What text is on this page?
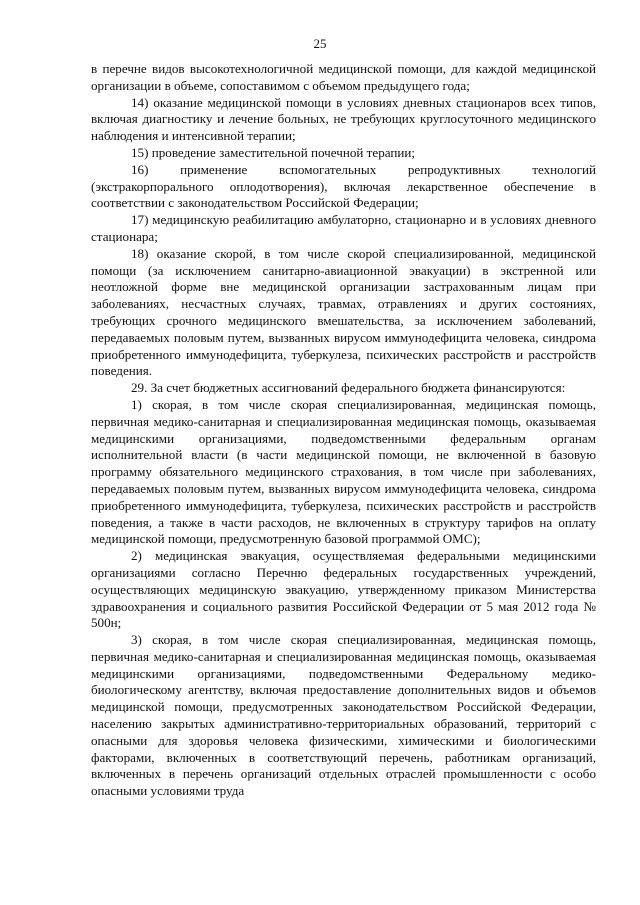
25

в перечне видов высокотехнологичной медицинской помощи, для каждой медицинской организации в объеме, сопоставимом с объемом предыдущего года;

14) оказание медицинской помощи в условиях дневных стационаров всех типов, включая диагностику и лечение больных, не требующих круглосуточного медицинского наблюдения и интенсивной терапии;

15) проведение заместительной почечной терапии;

16) применение вспомогательных репродуктивных технологий (экстракорпорального оплодотворения), включая лекарственное обеспечение в соответствии с законодательством Российской Федерации;

17) медицинскую реабилитацию амбулаторно, стационарно и в условиях дневного стационара;

18) оказание скорой, в том числе скорой специализированной, медицинской помощи (за исключением санитарно-авиационной эвакуации) в экстренной или неотложной форме вне медицинской организации застрахованным лицам при заболеваниях, несчастных случаях, травмах, отравлениях и других состояниях, требующих срочного медицинского вмешательства, за исключением заболеваний, передаваемых половым путем, вызванных вирусом иммунодефицита человека, синдрома приобретенного иммунодефицита, туберкулеза, психических расстройств и расстройств поведения.

29. За счет бюджетных ассигнований федерального бюджета финансируются:

1) скорая, в том числе скорая специализированная, медицинская помощь, первичная медико-санитарная и специализированная медицинская помощь, оказываемая медицинскими организациями, подведомственными федеральным органам исполнительной власти (в части медицинской помощи, не включенной в базовую программу обязательного медицинского страхования, в том числе при заболеваниях, передаваемых половым путем, вызванных вирусом иммунодефицита человека, синдрома приобретенного иммунодефицита, туберкулеза, психических расстройств и расстройств поведения, а также в части расходов, не включенных в структуру тарифов на оплату медицинской помощи, предусмотренную базовой программой ОМС);

2) медицинская эвакуация, осуществляемая федеральными медицинскими организациями согласно Перечню федеральных государственных учреждений, осуществляющих медицинскую эвакуацию, утвержденному приказом Министерства здравоохранения и социального развития Российской Федерации от 5 мая 2012 года № 500н;

3) скорая, в том числе скорая специализированная, медицинская помощь, первичная медико-санитарная и специализированная медицинская помощь, оказываемая медицинскими организациями, подведомственными Федеральному медико-биологическому агентству, включая предоставление дополнительных видов и объемов медицинской помощи, предусмотренных законодательством Российской Федерации, населению закрытых административно-территориальных образований, территорий с опасными для здоровья человека физическими, химическими и биологическими факторами, включенных в соответствующий перечень, работникам организаций, включенных в перечень организаций отдельных отраслей промышленности с особо опасными условиями труда
